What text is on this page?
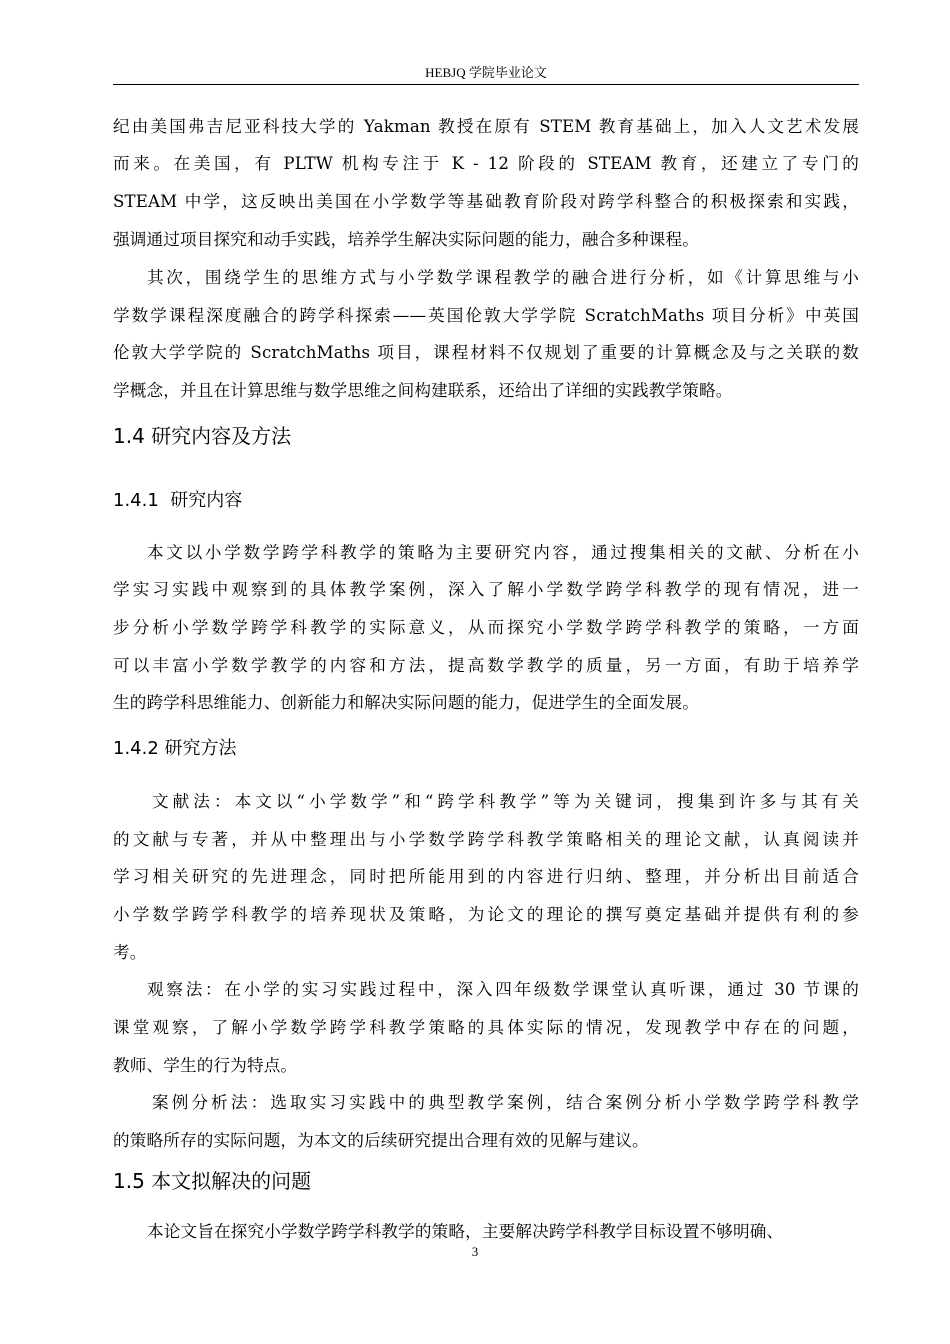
HEBJQ 学院毕业论文
纪由美国弗吉尼亚科技大学的 Yakman 教授在原有 STEM 教育基础上，加入人文艺术发展
而来。在美国，有 PLTW 机构专注于 K - 12 阶段的 STEAM 教育，还建立了专门的
STEAM 中学，这反映出美国在小学数学等基础教育阶段对跨学科整合的积极探索和实践，
强调通过项目探究和动手实践，培养学生解决实际问题的能力，融合多种课程。
其次，围绕学生的思维方式与小学数学课程教学的融合进行分析，如《计算思维与小
学数学课程深度融合的跨学科探索——英国伦敦大学学院 ScratchMaths 项目分析》中英国
伦敦大学学院的 ScratchMaths 项目，课程材料不仅规划了重要的计算概念及与之关联的数
学概念，并且在计算思维与数学思维之间构建联系，还给出了详细的实践教学策略。
1.4 研究内容及方法
1.4.1  研究内容
本文以小学数学跨学科教学的策略为主要研究内容，通过搜集相关的文献、分析在小
学实习实践中观察到的具体教学案例，深入了解小学数学跨学科教学的现有情况，进一
步分析小学数学跨学科教学的实际意义，从而探究小学数学跨学科教学的策略，一方面
可以丰富小学数学教学的内容和方法，提高数学教学的质量，另一方面，有助于培养学
生的跨学科思维能力、创新能力和解决实际问题的能力，促进学生的全面发展。
1.4.2 研究方法
文献法：本文以“小学数学”和“跨学科教学”等为关键词，搜集到许多与其有关
的文献与专著，并从中整理出与小学数学跨学科教学策略相关的理论文献，认真阅读并
学习相关研究的先进理念，同时把所能用到的内容进行归纳、整理，并分析出目前适合
小学数学跨学科教学的培养现状及策略，为论文的理论的撰写奠定基础并提供有利的参
考。
观察法：在小学的实习实践过程中，深入四年级数学课堂认真听课，通过 30 节课的
课堂观察，了解小学数学跨学科教学策略的具体实际的情况，发现教学中存在的问题，
教师、学生的行为特点。
案例分析法：选取实习实践中的典型教学案例，结合案例分析小学数学跨学科教学
的策略所存的实际问题，为本文的后续研究提出合理有效的见解与建议。
1.5 本文拟解决的问题
本论文旨在探究小学数学跨学科教学的策略，主要解决跨学科教学目标设置不够明确、
3
